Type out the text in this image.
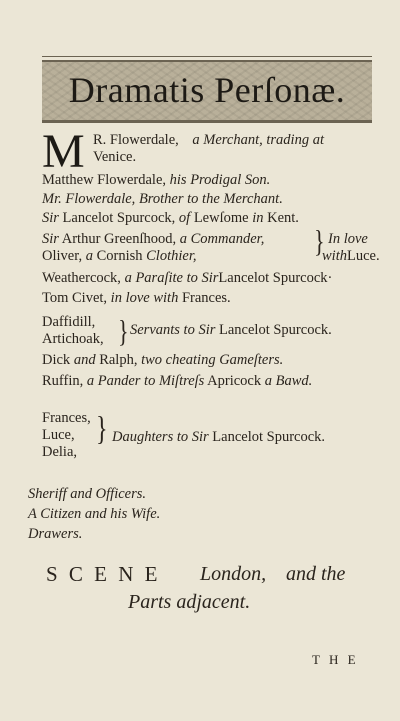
Dramatis Perſonæ.
M R. Flowerdale, a Merchant, trading at
Venice.
Matthew Flowerdale, his Prodigal Son.
Mr. Flowerdale, Brother to the Merchant.
Sir Lancelot Spurcock, of Lewſome in Kent.
Sir Arthur Greenſhood, a Commander,	In love
Oliver, a Cornish Clothier,	}
withLuce.
Weathercock, a Paraſite to SirLancelot Spurcock·
Tom Civet, in love with Frances.
Daffidill,
Artichoak, } Servants to Sir Lancelot Spurcock.
Dick and Ralph, two cheating Gameſters.
Ruffin, a Pander to Miſtreſs Apricock a Bawd.
Frances,
Luce,
Delia,
} Daughters to Sir Lancelot Spurcock.
Sheriff and Officers.
A Citizen and his Wife.
Drawers.
S C E N E London, and the
Parts adjacent.
T H E
